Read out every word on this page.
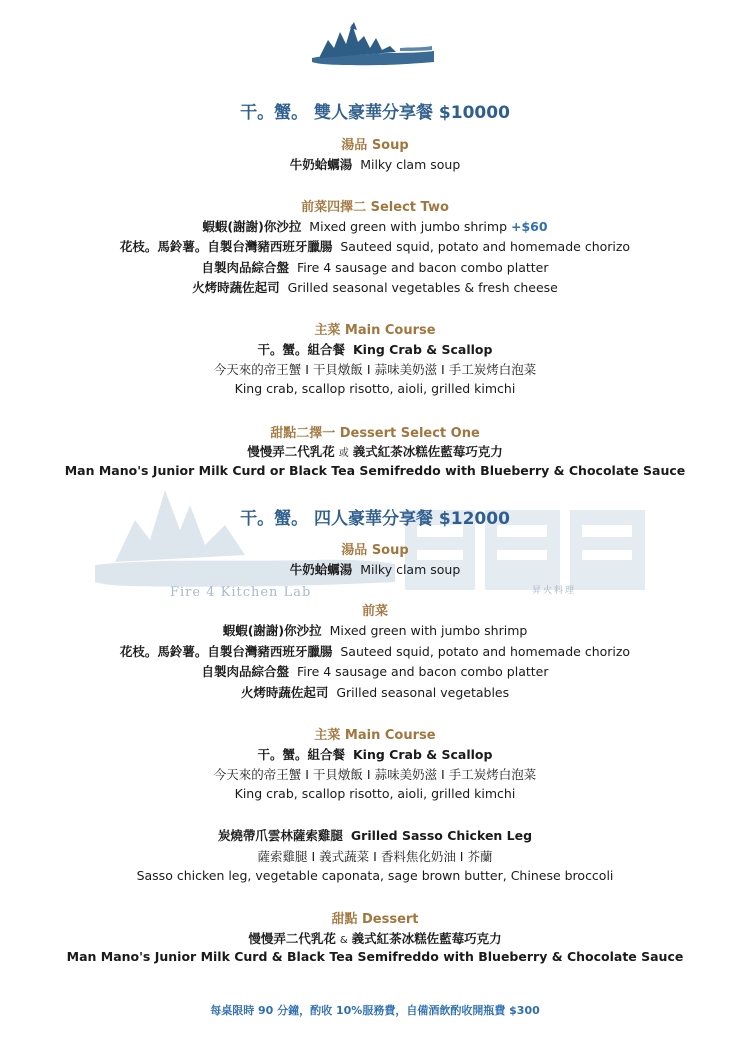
Fire 4 Kitchen Lab	昇火料理
干。蟹。 雙人豪華分享餐 $10000
湯品 Soup
牛奶蛤蠣湯 Milky clam soup
前菜四擇二 Select Two
蝦蝦(謝謝)你沙拉 Mixed green with jumbo shrimp +$60
花枝。馬鈴薯。自製台灣豬西班牙臘腸 Sauteed squid, potato and homemade chorizo
自製肉品綜合盤 Fire 4 sausage and bacon combo platter
火烤時蔬佐起司 Grilled seasonal vegetables & fresh cheese
主菜 Main Course
干。蟹。組合餐 King Crab & Scallop
今天來的帝王蟹 I 干貝燉飯 I 蒜味美奶滋 I 手工炭烤白泡菜
King crab, scallop risotto, aioli, grilled kimchi
甜點二擇一 Dessert Select One
慢慢弄二代乳花 或 義式紅茶冰糕佐藍莓巧克力
Man Mano's Junior Milk Curd or Black Tea Semifreddo with Blueberry & Chocolate Sauce
干。蟹。 四人豪華分享餐 $12000
湯品 Soup
牛奶蛤蠣湯 Milky clam soup
前菜
蝦蝦(謝謝)你沙拉 Mixed green with jumbo shrimp
花枝。馬鈴薯。自製台灣豬西班牙臘腸 Sauteed squid, potato and homemade chorizo
自製肉品綜合盤 Fire 4 sausage and bacon combo platter
火烤時蔬佐起司 Grilled seasonal vegetables
主菜 Main Course
干。蟹。組合餐 King Crab & Scallop
今天來的帝王蟹 I 干貝燉飯 I 蒜味美奶滋 I 手工炭烤白泡菜
King crab, scallop risotto, aioli, grilled kimchi
炭燒帶爪雲林薩索雞腿 Grilled Sasso Chicken Leg
薩索雞腿 I 義式蔬菜 I 香料焦化奶油 I 芥蘭
Sasso chicken leg, vegetable caponata, sage brown butter, Chinese broccoli
甜點 Dessert
慢慢弄二代乳花 & 義式紅茶冰糕佐藍莓巧克力
Man Mano's Junior Milk Curd & Black Tea Semifreddo with Blueberry & Chocolate Sauce
每桌限時 90 分鐘，酌收 10%服務費，自備酒飲酌收開瓶費 $300
